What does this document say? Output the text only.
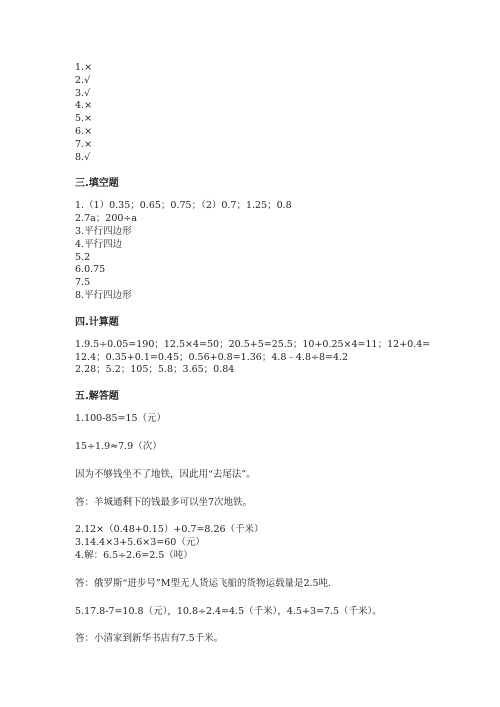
1.×
2.√
3.√
4.×
5.×
6.×
7.×
8.√
三.填空题
1.（1）0.35；0.65；0.75；（2）0.7；1.25；0.8
2.7a；200÷a
3.平行四边形
4.平行四边
5.2
6.0.75
7.5
8.平行四边形
四.计算题
1.9.5÷0.05=190；12.5×4=50；20.5+5=25.5；10+0.25×4=11；12+0.4=
12.4；0.35+0.1=0.45；0.56+0.8=1.36；4.8﹣4.8÷8=4.2
2.28；5.2；105；5.8；3.65；0.84
五.解答题
1.100-85=15（元）
15÷1.9≈7.9（次）
因为不够钱坐不了地铁，因此用“去尾法”。
答：羊城通剩下的钱最多可以坐7次地铁。
2.12×（0.48+0.15）+0.7=8.26（千米）
3.14.4×3+5.6×3=60（元）
4.解：6.5÷2.6=2.5（吨）
答：俄罗斯“进步号”M型无人货运飞船的货物运载量是2.5吨.
5.17.8-7=10.8（元），10.8÷2.4=4.5（千米），4.5+3=7.5（千米）。
答：小清家到新华书店有7.5千米。
